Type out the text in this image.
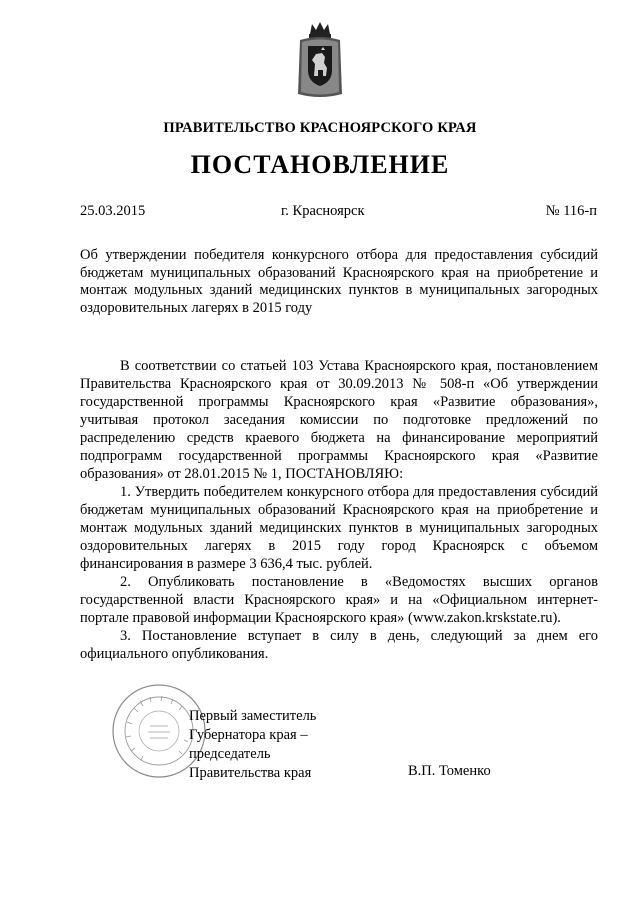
ПРАВИТЕЛЬСТВО КРАСНОЯРСКОГО КРАЯ
ПОСТАНОВЛЕНИЕ
25.03.2015	г. Красноярск	№ 116-п
Об утверждении победителя конкурсного отбора для предоставления субсидий бюджетам муниципальных образований Красноярского края на приобретение и монтаж модульных зданий медицинских пунктов в муниципальных загородных оздоровительных лагерях в 2015 году

В соответствии со статьей 103 Устава Красноярского края, постановлением Правительства Красноярского края от 30.09.2013 № 508-п «Об утверждении государственной программы Красноярского края «Развитие образования», учитывая протокол заседания комиссии по подготовке предложений по распределению средств краевого бюджета на финансирование мероприятий подпрограмм государственной программы Красноярского края «Развитие образования» от 28.01.2015 № 1, ПОСТАНОВЛЯЮ:

1. Утвердить победителем конкурсного отбора для предоставления субсидий бюджетам муниципальных образований Красноярского края на приобретение и монтаж модульных зданий медицинских пунктов в муниципальных загородных оздоровительных лагерях в 2015 году город Красноярск с объемом финансирования в размере 3 636,4 тыс. рублей.

2. Опубликовать постановление в «Ведомостях высших органов государственной власти Красноярского края» и на «Официальном интернет-портале правовой информации Красноярского края» (www.zakon.krskstate.ru).

3. Постановление вступает в силу в день, следующий за днем его официального опубликования.

Первый заместитель
Губернатора края –
председатель
Правительства края	В.П. Томенко
